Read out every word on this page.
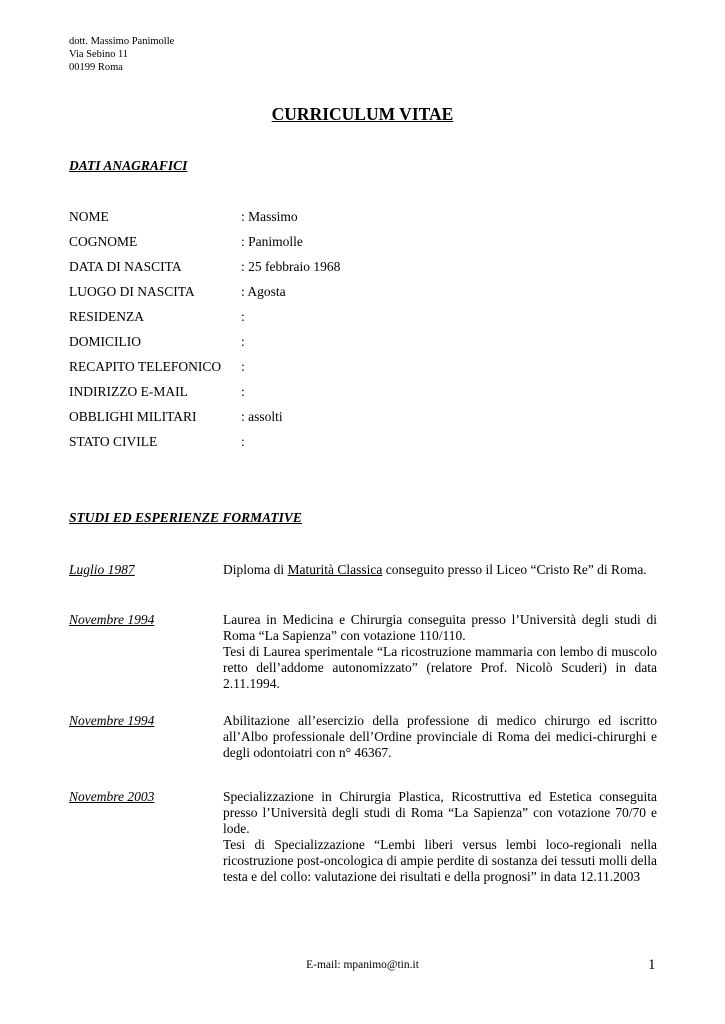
dott. Massimo Panimolle
Via Sebino 11
00199 Roma
CURRICULUM VITAE
DATI ANAGRAFICI
NOME	: Massimo
COGNOME	: Panimolle
DATA DI NASCITA	: 25 febbraio 1968
LUOGO DI NASCITA	: Agosta
RESIDENZA	:
DOMICILIO	:
RECAPITO TELEFONICO :
INDIRIZZO E-MAIL	:
OBBLIGHI MILITARI	: assolti
STATO CIVILE	:
STUDI ED ESPERIENZE FORMATIVE
Luglio 1987	Diploma di Maturità Classica conseguito presso il Liceo “Cristo Re” di Roma.

Novembre 1994	Laurea in Medicina e Chirurgia conseguita presso l’Università degli studi di Roma “La Sapienza” con votazione 110/110.

Tesi di Laurea sperimentale “La ricostruzione mammaria con lembo di muscolo retto dell’addome autonomizzato” (relatore Prof. Nicolò Scuderi) in data 2.11.1994.

Novembre 1994	Abilitazione all’esercizio della professione di medico chirurgo ed iscritto all’Albo professionale dell’Ordine provinciale di Roma dei medici-chirurghi e degli odontoiatri con n° 46367.

Novembre 2003	Specializzazione in Chirurgia Plastica, Ricostruttiva ed Estetica conseguita presso l’Università degli studi di Roma “La Sapienza” con votazione 70/70 e lode.

Tesi di Specializzazione “Lembi liberi versus lembi loco-regionali nella ricostruzione post-oncologica di ampie perdite di sostanza dei tessuti molli della testa e del collo: valutazione dei risultati e della prognosi” in data 12.11.2003

E-mail: mpanimo@tin.it	1
